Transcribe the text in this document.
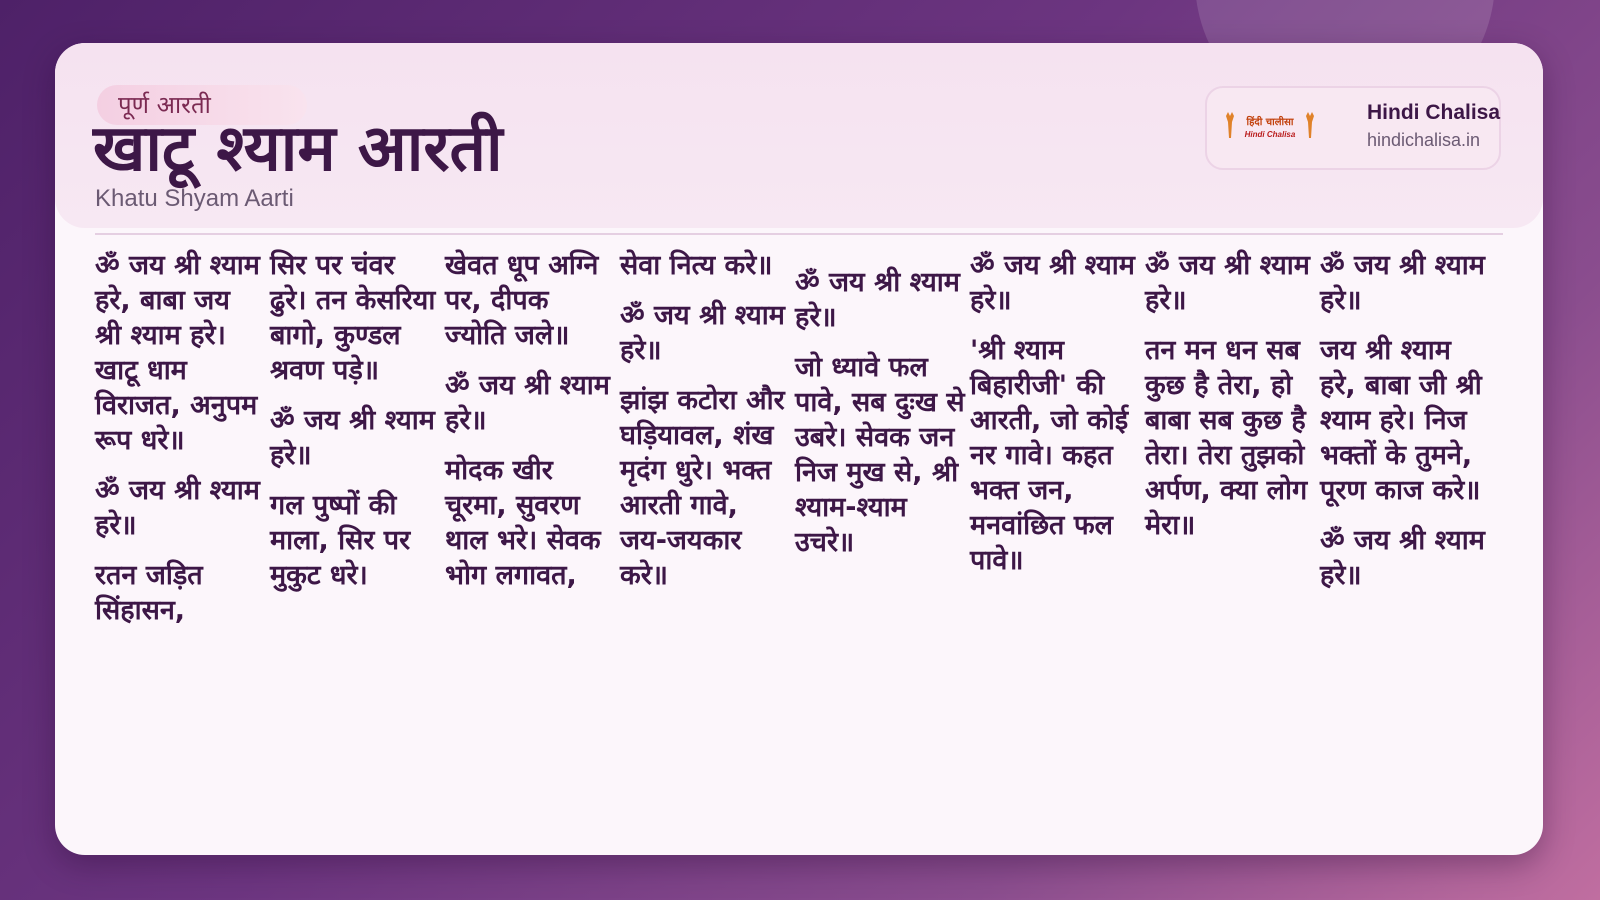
पूर्ण आरती
खाटू श्याम आरती
Khatu Shyam Aarti
हिंदी चालीसा
Hindi Chalisa
Hindi Chalisa
hindichalisa.in

ॐ जय श्री श्याम हरे, बाबा जय श्री श्याम हरे। खाटू धाम विराजत, अनुपम रूप धरे॥

ॐ जय श्री श्याम हरे॥

रतन जड़ित सिंहासन,

सिर पर चंवर ढुरे। तन केसरिया बागो, कुण्डल श्रवण पड़े॥

ॐ जय श्री श्याम हरे॥

गल पुष्पों की माला, सिर पर मुकुट धरे।

खेवत धूप अग्नि पर, दीपक ज्योति जले॥

ॐ जय श्री श्याम हरे॥

मोदक खीर चूरमा, सुवरण थाल भरे। सेवक भोग लगावत,

सेवा नित्य करे॥

ॐ जय श्री श्याम हरे॥

झांझ कटोरा और घड़ियावल, शंख मृदंग धुरे। भक्त आरती गावे, जय-जयकार करे॥

ॐ जय श्री श्याम हरे॥

जो ध्यावे फल पावे, सब दुःख से उबरे। सेवक जन निज मुख से, श्री श्याम-श्याम उचरे॥

ॐ जय श्री श्याम हरे॥

'श्री श्याम बिहारीजी' की आरती, जो कोई नर गावे। कहत भक्त जन, मनवांछित फल पावे॥

ॐ जय श्री श्याम हरे॥

तन मन धन सब कुछ है तेरा, हो बाबा सब कुछ है तेरा। तेरा तुझको अर्पण, क्या लोग मेरा॥

ॐ जय श्री श्याम हरे॥

जय श्री श्याम हरे, बाबा जी श्री श्याम हरे। निज भक्तों के तुमने, पूरण काज करे॥

ॐ जय श्री श्याम हरे॥
